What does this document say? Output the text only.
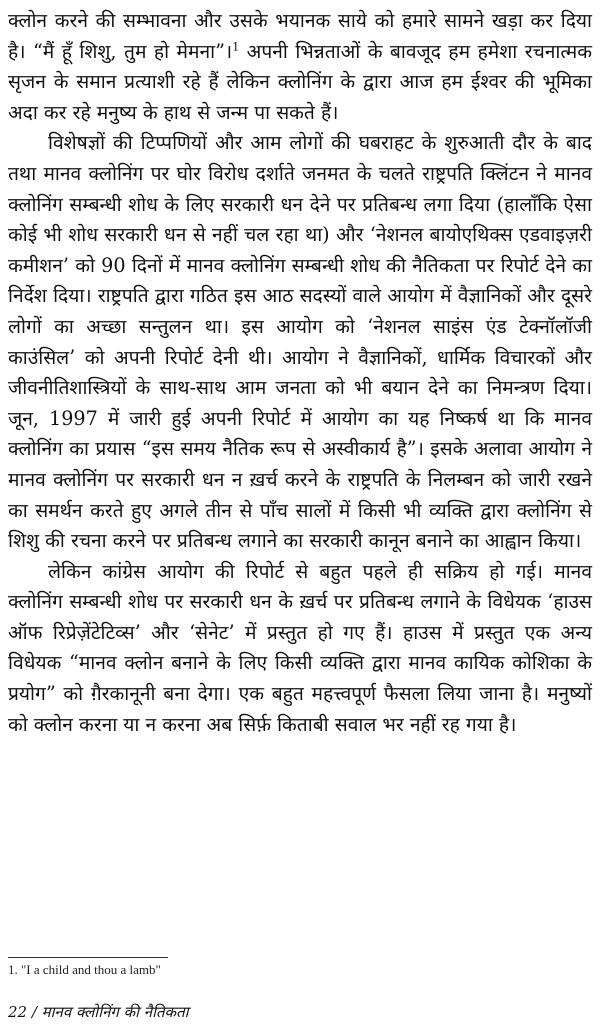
क्लोन करने की सम्भावना और उसके भयानक साये को हमारे सामने खड़ा कर दिया है। “मैं हूँ शिशु, तुम हो मेमना”।$^1$ अपनी भिन्नताओं के बावजूद हम हमेशा रचनात्मक सृजन के समान प्रत्याशी रहे हैं लेकिन क्लोनिंग के द्वारा आज हम ईश्वर की भूमिका अदा कर रहे मनुष्य के हाथ से जन्म पा सकते हैं।

विशेषज्ञों की टिप्पणियों और आम लोगों की घबराहट के शुरुआती दौर के बाद तथा मानव क्लोनिंग पर घोर विरोध दर्शाते जनमत के चलते राष्ट्रपति क्लिंटन ने मानव क्लोनिंग सम्बन्धी शोध के लिए सरकारी धन देने पर प्रतिबन्ध लगा दिया (हालाँकि ऐसा कोई भी शोध सरकारी धन से नहीं चल रहा था) और ‘नेशनल बायोएथिक्स एडवाइज़री कमीशन’ को 90 दिनों में मानव क्लोनिंग सम्बन्धी शोध की नैतिकता पर रिपोर्ट देने का निर्देश दिया। राष्ट्रपति द्वारा गठित इस आठ सदस्यों वाले आयोग में वैज्ञानिकों और दूसरे लोगों का अच्छा सन्तुलन था। इस आयोग को ‘नेशनल साइंस एंड टेक्नॉलॉजी काउंसिल’ को अपनी रिपोर्ट देनी थी। आयोग ने वैज्ञानिकों, धार्मिक विचारकों और जीवनीतिशास्त्रियों के साथ-साथ आम जनता को भी बयान देने का निमन्त्रण दिया। जून, 1997 में जारी हुई अपनी रिपोर्ट में आयोग का यह निष्कर्ष था कि मानव क्लोनिंग का प्रयास “इस समय नैतिक रूप से अस्वीकार्य है”। इसके अलावा आयोग ने मानव क्लोनिंग पर सरकारी धन न ख़र्च करने के राष्ट्रपति के निलम्बन को जारी रखने का समर्थन करते हुए अगले तीन से पाँच सालों में किसी भी व्यक्ति द्वारा क्लोनिंग से शिशु की रचना करने पर प्रतिबन्ध लगाने का सरकारी कानून बनाने का आह्वान किया।

लेकिन कांग्रेस आयोग की रिपोर्ट से बहुत पहले ही सक्रिय हो गई। मानव क्लोनिंग सम्बन्धी शोध पर सरकारी धन के ख़र्च पर प्रतिबन्ध लगाने के विधेयक ‘हाउस ऑफ रिप्रेज़ेंटेटिव्स’ और ‘सेनेट’ में प्रस्तुत हो गए हैं। हाउस में प्रस्तुत एक अन्य विधेयक “मानव क्लोन बनाने के लिए किसी व्यक्ति द्वारा मानव कायिक कोशिका के प्रयोग” को ग़ैरकानूनी बना देगा। एक बहुत महत्त्वपूर्ण फैसला लिया जाना है। मनुष्यों को क्लोन करना या न करना अब सिर्फ़ किताबी सवाल भर नहीं रह गया है।

1. "I a child and thou a lamb"
22 / मानव क्लोनिंग की नैतिकता
